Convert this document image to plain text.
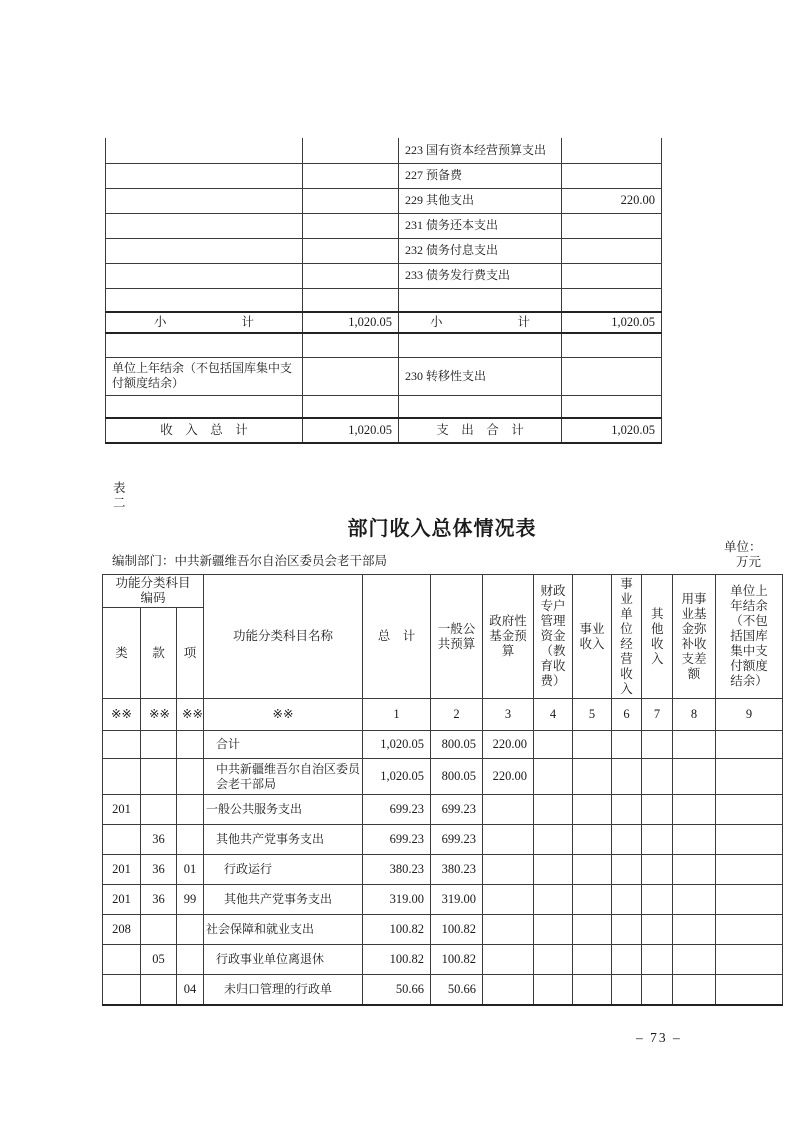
		223 国有资本经营预算支出	
		227 预备费	
		229 其他支出	220.00
		231 债务还本支出	
		232 债务付息支出	
		233 债务发行费支出	

小　　　　　　计	1,020.05	小　　　　　　计	1,020.05

单位上年结余（不包括国库集中支付额度结余）		230 转移性支出	

收　入　总　计	1,020.05	支　出　合　计	1,020.05
表二
部门收入总体情况表
编制部门：中共新疆维吾尔自治区委员会老干部局
单位：
万元
功能分类科目编码			功能分类科目名称	总　计	一般公共预算	政府性基金预算	财政专户管理资金（教育收费）	事业收入	事业单位经营收入	其他收入	用事业基金弥补收支差额	单位上年结余（不包括国库集中支付额度结余）
类	款	项										
※※	※※	※※	※※	1	2	3	4	5	6	7	8	9
			合计	1,020.05	800.05	220.00						
			中共新疆维吾尔自治区委员会老干部局	1,020.05	800.05	220.00						
201			一般公共服务支出	699.23	699.23							
	36		其他共产党事务支出	699.23	699.23							
201	36	01	行政运行	380.23	380.23							
201	36	99	其他共产党事务支出	319.00	319.00							
208			社会保障和就业支出	100.82	100.82							
	05		行政事业单位离退休	100.82	100.82							
		04	未归口管理的行政单	50.66	50.66							
– 73 –
